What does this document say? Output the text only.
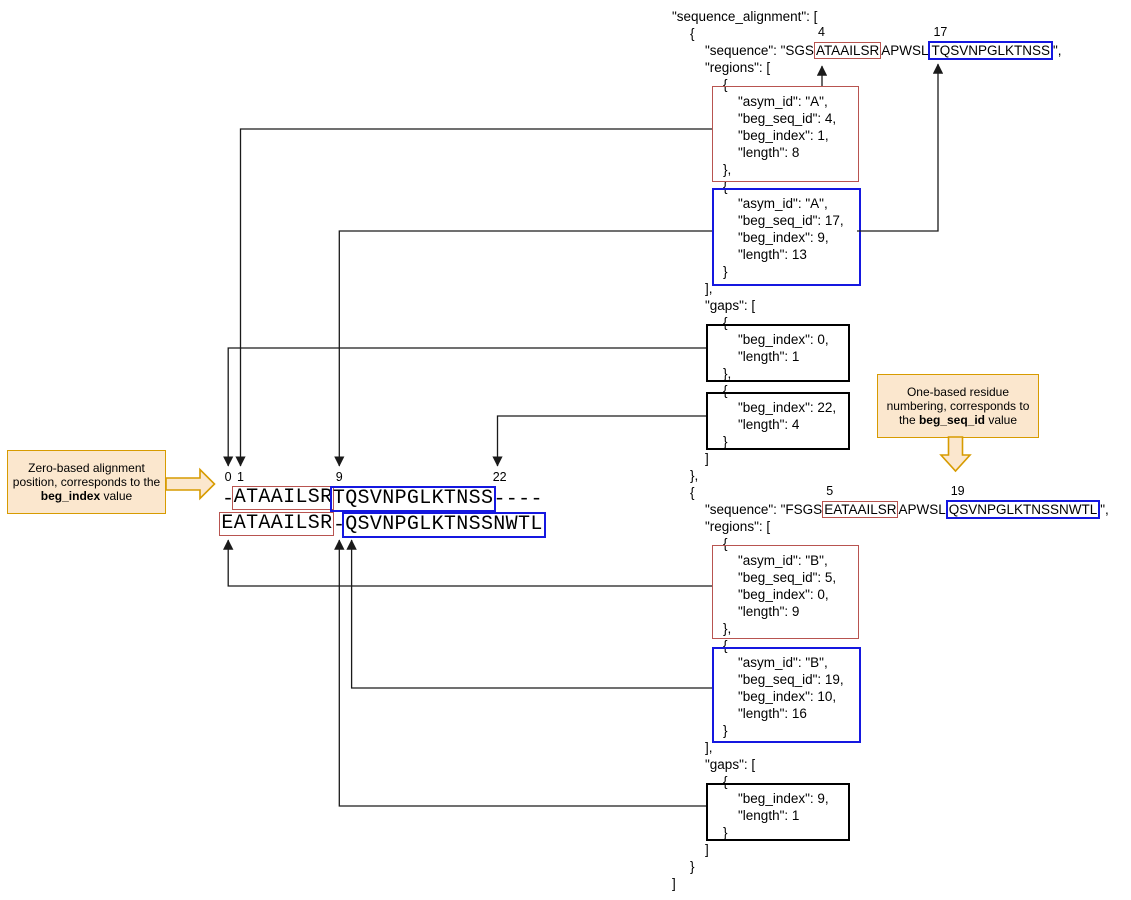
"sequence_alignment": [
{
"sequence": "SGS ATAAILSR
4
APWSL TQSVNPGLKTNSS
17
",
"regions": [
{
"asym_id": "A",
"beg_seq_id": 4,
"beg_index": 1,
"length": 8
},
{
"asym_id": "A",
"beg_seq_id": 17,
"beg_index": 9,
"length": 13
}
],
"gaps": [
{
"beg_index": 0,
"length": 1
},
{
"beg_index": 22,
"length": 4
}
]
},
{
"sequence": "FSGS EATAAILSR
5
APWSL QSVNPGLKTNSSNWTL
19
",
"regions": [
{
"asym_id": "B",
"beg_seq_id": 5,
"beg_index": 0,
"length": 9
},
{
"asym_id": "B",
"beg_seq_id": 19,
"beg_index": 10,
"length": 16
}
],
"gaps": [
{
"beg_index": 9,
"length": 1
}
]
}
]
0 1	9	22
- ATAAILSR TQSVNPGLKTNSS ----
EATAAILSR - QSVNPGLKTNSSNWTL
Zero-based alignment
position, corresponds to the
beg_index value
One-based residue
numbering, corresponds to
the beg_seq_id value
